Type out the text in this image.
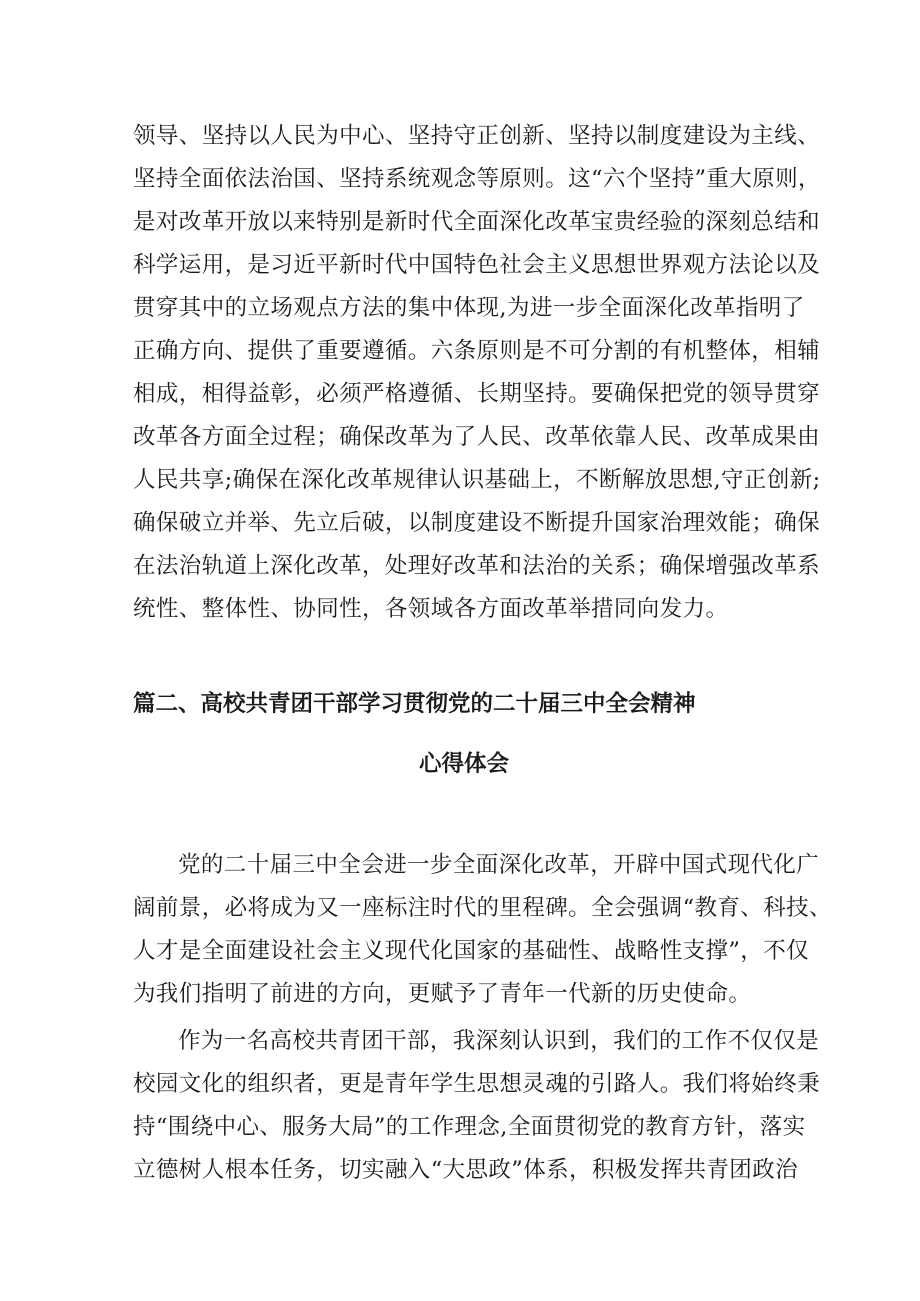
领导、坚持以人民为中心、坚持守正创新、坚持以制度建设为主线、
坚持全面依法治国、坚持系统观念等原则。这“六个坚持”重大原则，
是对改革开放以来特别是新时代全面深化改革宝贵经验的深刻总结和
科学运用，是习近平新时代中国特色社会主义思想世界观方法论以及
贯穿其中的立场观点方法的集中体现,为进一步全面深化改革指明了
正确方向、提供了重要遵循。六条原则是不可分割的有机整体，相辅
相成，相得益彰，必须严格遵循、长期坚持。要确保把党的领导贯穿
改革各方面全过程；确保改革为了人民、改革依靠人民、改革成果由
人民共享;确保在深化改革规律认识基础上，不断解放思想,守正创新;
确保破立并举、先立后破，以制度建设不断提升国家治理效能；确保
在法治轨道上深化改革，处理好改革和法治的关系；确保增强改革系
统性、整体性、协同性，各领域各方面改革举措同向发力。
篇二、高校共青团干部学习贯彻党的二十届三中全会精神
心得体会
党的二十届三中全会进一步全面深化改革，开辟中国式现代化广
阔前景，必将成为又一座标注时代的里程碑。全会强调“教育、科技、
人才是全面建设社会主义现代化国家的基础性、战略性支撑”，不仅
为我们指明了前进的方向，更赋予了青年一代新的历史使命。
作为一名高校共青团干部，我深刻认识到，我们的工作不仅仅是
校园文化的组织者，更是青年学生思想灵魂的引路人。我们将始终秉
持“围绕中心、服务大局”的工作理念,全面贯彻党的教育方针，落实
立德树人根本任务，切实融入“大思政”体系，积极发挥共青团政治
